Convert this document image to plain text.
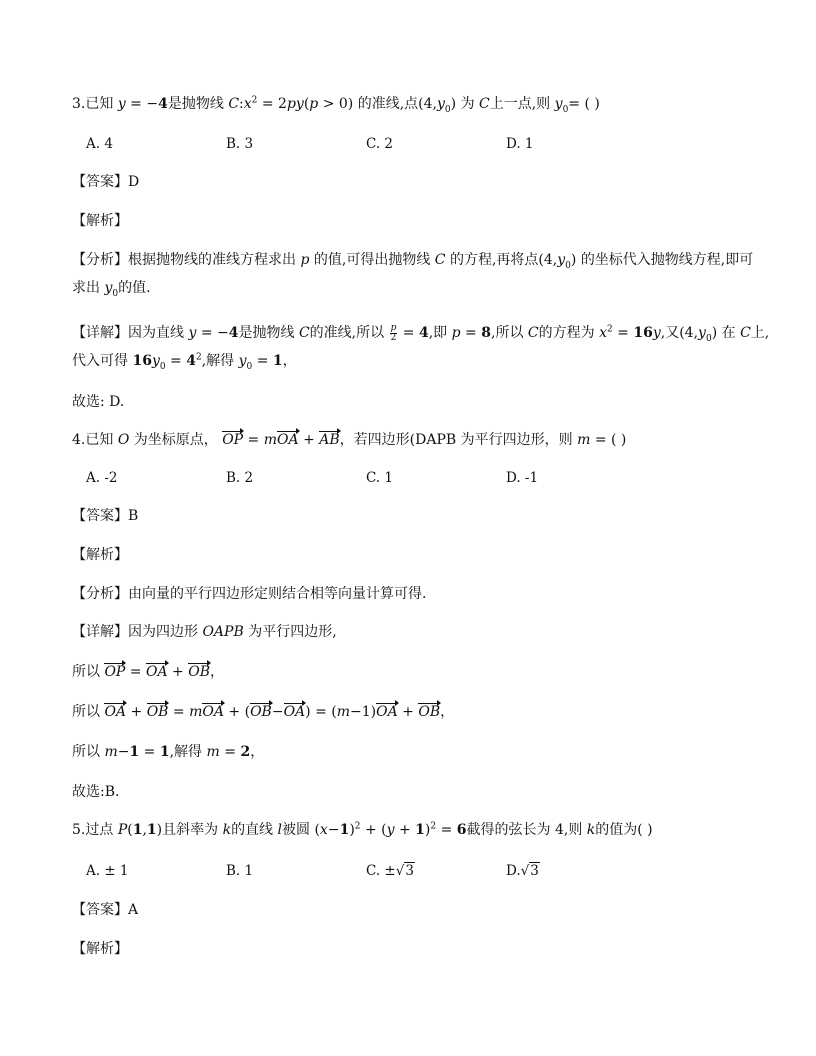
3.已知 y = −4是抛物线 $C:x^2 = 2py(p > 0)$ 的准线,点$(4,y_0)$ 为 C上一点,则 $y_0=$ ( )
A. 4	B. 3	C. 2	D. 1
【答案】D
【解析】
【分析】根据抛物线的准线方程求出 p 的值,可得出抛物线 C 的方程,再将点$(4,y_0)$ 的坐标代入抛物线方程,即可
求出 $y_0$的值.
【详解】因为直线 y = −4是抛物线 C的准线,所以 $\frac{p}{2} = 4$,即 p = 8,所以 C的方程为 $x^2 = 16y$,又$(4,y_0)$ 在 C上,
代入可得 $16y_0 = 4^2$,解得 $y_0 = 1$，
故选: D.
4.已知 O 为坐标原点， OP = mOA + AB，若四边形(DAPB 为平行四边形，则 m = ( )
A. -2	B. 2	C. 1	D. -1
【答案】B
【解析】
【分析】由向量的平行四边形定则结合相等向量计算可得.
【详解】因为四边形 OAPB 为平行四边形,
所以 OP = OA + OB，
所以 OA + OB = mOA + (OB−OA) = (m−1)OA + OB，
所以 m−1 = 1,解得 m = 2，
故选:B.
5.过点 P(1,1)且斜率为 k的直线 l被圆 $(x-1)^2 + (y + 1)^2 = 6$截得的弦长为 4,则 k的值为( )
A. ± 1	B. 1	C. ±√3	D.√3
【答案】A
【解析】
